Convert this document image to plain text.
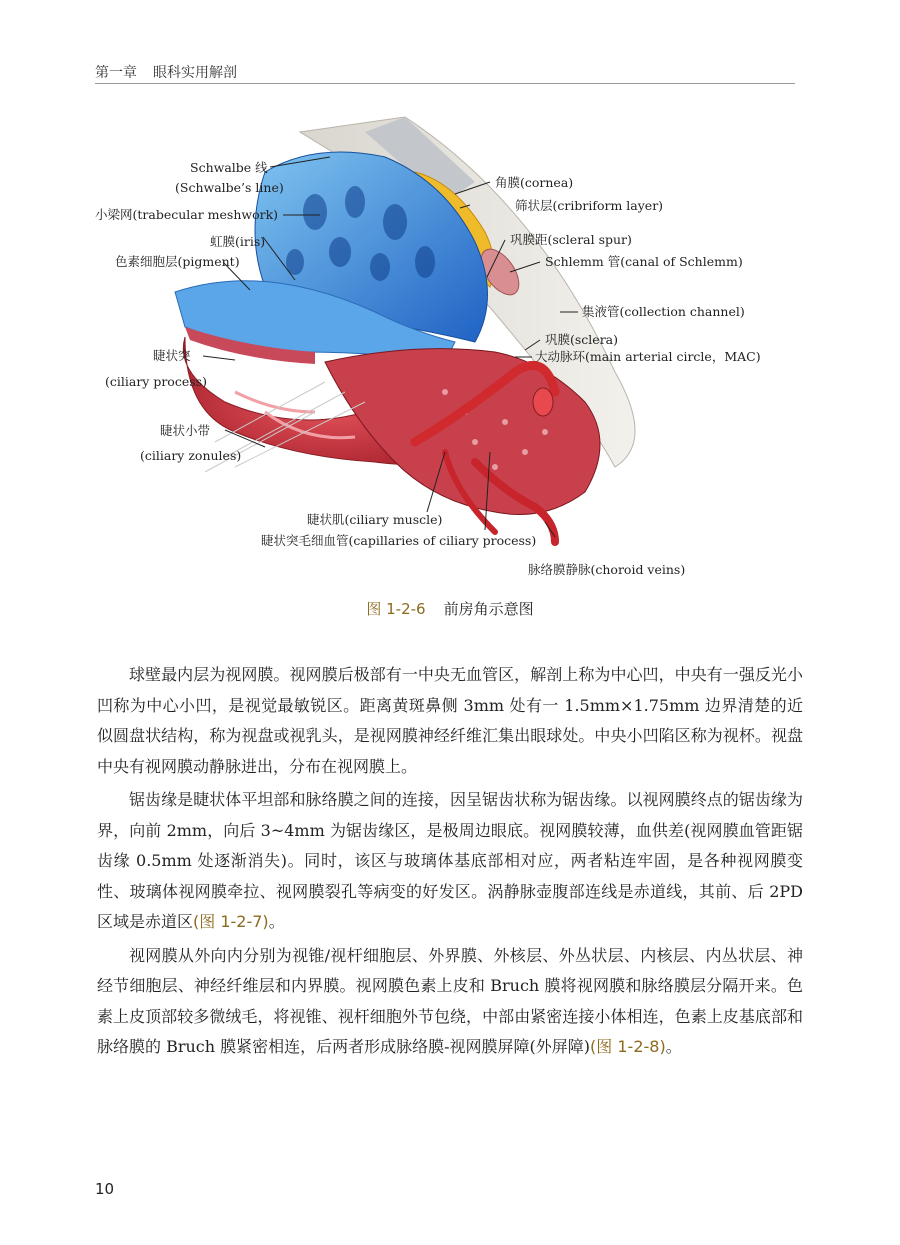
第一章 眼科实用解剖
Schwalbe 线
(Schwalbe’s line)
小梁网(trabecular meshwork)
虹膜(iris)
色素细胞层(pigment)
睫状突
(ciliary process)
睫状小带
(ciliary zonules)
角膜(cornea)
筛状层(cribriform layer)
巩膜距(scleral spur)
Schlemm 管(canal of Schlemm)
集液管(collection channel)
巩膜(sclera)
大动脉环(main arterial circle，MAC)
睫状肌(ciliary muscle)
睫状突毛细血管(capillaries of ciliary process)
脉络膜静脉(choroid veins)
图 1-2-6 前房角示意图

球壁最内层为视网膜。视网膜后极部有一中央无血管区，解剖上称为中心凹，中央有一强反光小凹称为中心小凹，是视觉最敏锐区。距离黄斑鼻侧 3mm 处有一 1.5mm×1.75mm 边界清楚的近似圆盘状结构，称为视盘或视乳头，是视网膜神经纤维汇集出眼球处。中央小凹陷区称为视杯。视盘中央有视网膜动静脉进出，分布在视网膜上。

锯齿缘是睫状体平坦部和脉络膜之间的连接，因呈锯齿状称为锯齿缘。以视网膜终点的锯齿缘为界，向前 2mm，向后 3~4mm 为锯齿缘区，是极周边眼底。视网膜较薄，血供差(视网膜血管距锯齿缘 0.5mm 处逐渐消失)。同时，该区与玻璃体基底部相对应，两者粘连牢固，是各种视网膜变性、玻璃体视网膜牵拉、视网膜裂孔等病变的好发区。涡静脉壶腹部连线是赤道线，其前、后 2PD 区域是赤道区(图 1-2-7)。

视网膜从外向内分别为视锥/视杆细胞层、外界膜、外核层、外丛状层、内核层、内丛状层、神经节细胞层、神经纤维层和内界膜。视网膜色素上皮和 Bruch 膜将视网膜和脉络膜层分隔开来。色素上皮顶部较多微绒毛，将视锥、视杆细胞外节包绕，中部由紧密连接小体相连，色素上皮基底部和脉络膜的 Bruch 膜紧密相连，后两者形成脉络膜-视网膜屏障(外屏障)(图 1-2-8)。

10
